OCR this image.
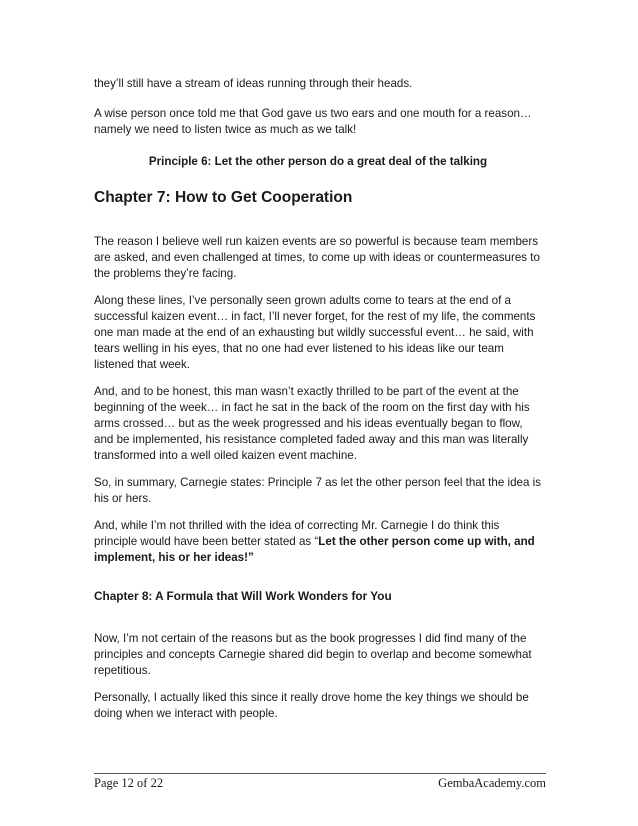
they’ll still have a stream of ideas running through their heads.

A wise person once told me that God gave us two ears and one mouth for a reason… namely we need to listen twice as much as we talk!

Principle 6: Let the other person do a great deal of the talking
Chapter 7: How to Get Cooperation

The reason I believe well run kaizen events are so powerful is because team members are asked, and even challenged at times, to come up with ideas or countermeasures to the problems they’re facing.

Along these lines, I’ve personally seen grown adults come to tears at the end of a successful kaizen event… in fact, I’ll never forget, for the rest of my life, the comments one man made at the end of an exhausting but wildly successful event… he said, with tears welling in his eyes, that no one had ever listened to his ideas like our team listened that week.

And, and to be honest, this man wasn’t exactly thrilled to be part of the event at the beginning of the week… in fact he sat in the back of the room on the first day with his arms crossed… but as the week progressed and his ideas eventually began to flow, and be implemented, his resistance completed faded away and this man was literally transformed into a well oiled kaizen event machine.

So, in summary, Carnegie states: Principle 7 as let the other person feel that the idea is his or hers.

And, while I’m not thrilled with the idea of correcting Mr. Carnegie I do think this principle would have been better stated as “Let the other person come up with, and implement, his or her ideas!”

Chapter 8: A Formula that Will Work Wonders for You

Now, I’m not certain of the reasons but as the book progresses I did find many of the principles and concepts Carnegie shared did begin to overlap and become somewhat repetitious.

Personally, I actually liked this since it really drove home the key things we should be doing when we interact with people.

Page 12 of 22	GembaAcademy.com
